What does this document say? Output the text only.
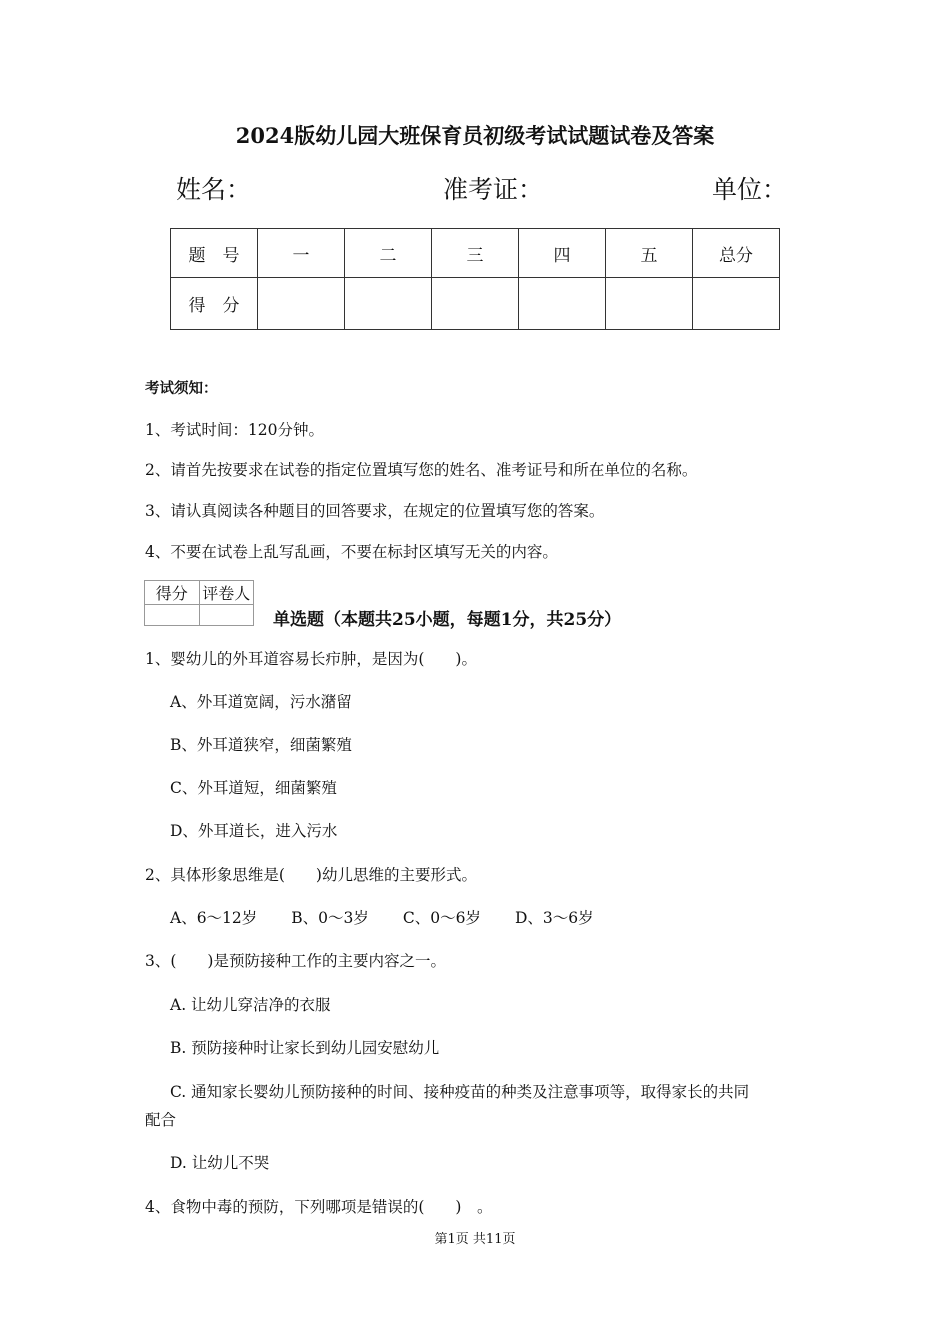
2024版幼儿园大班保育员初级考试试题试卷及答案
姓名：	准考证：	单位：
题　号	一	二	三	四	五	总分
得　分						
考试须知：
1、考试时间：120分钟。
2、请首先按要求在试卷的指定位置填写您的姓名、准考证号和所在单位的名称。
3、请认真阅读各种题目的回答要求，在规定的位置填写您的答案。
4、不要在试卷上乱写乱画，不要在标封区填写无关的内容。
得分	评卷人

单选题（本题共25小题，每题1分，共25分）
1、婴幼儿的外耳道容易长疖肿，是因为(　　)。
A、外耳道宽阔，污水潴留
B、外耳道狭窄，细菌繁殖
C、外耳道短，细菌繁殖
D、外耳道长，进入污水
2、具体形象思维是(　　)幼儿思维的主要形式。
A、6～12岁 B、0～3岁 C、0～6岁 D、3～6岁
3、(　　)是预防接种工作的主要内容之一。
A. 让幼儿穿洁净的衣服
B. 预防接种时让家长到幼儿园安慰幼儿
C. 通知家长婴幼儿预防接种的时间、接种疫苗的种类及注意事项等，取得家长的共同
配合
D. 让幼儿不哭
4、食物中毒的预防，下列哪项是错误的(　　)　。
第1页 共11页
